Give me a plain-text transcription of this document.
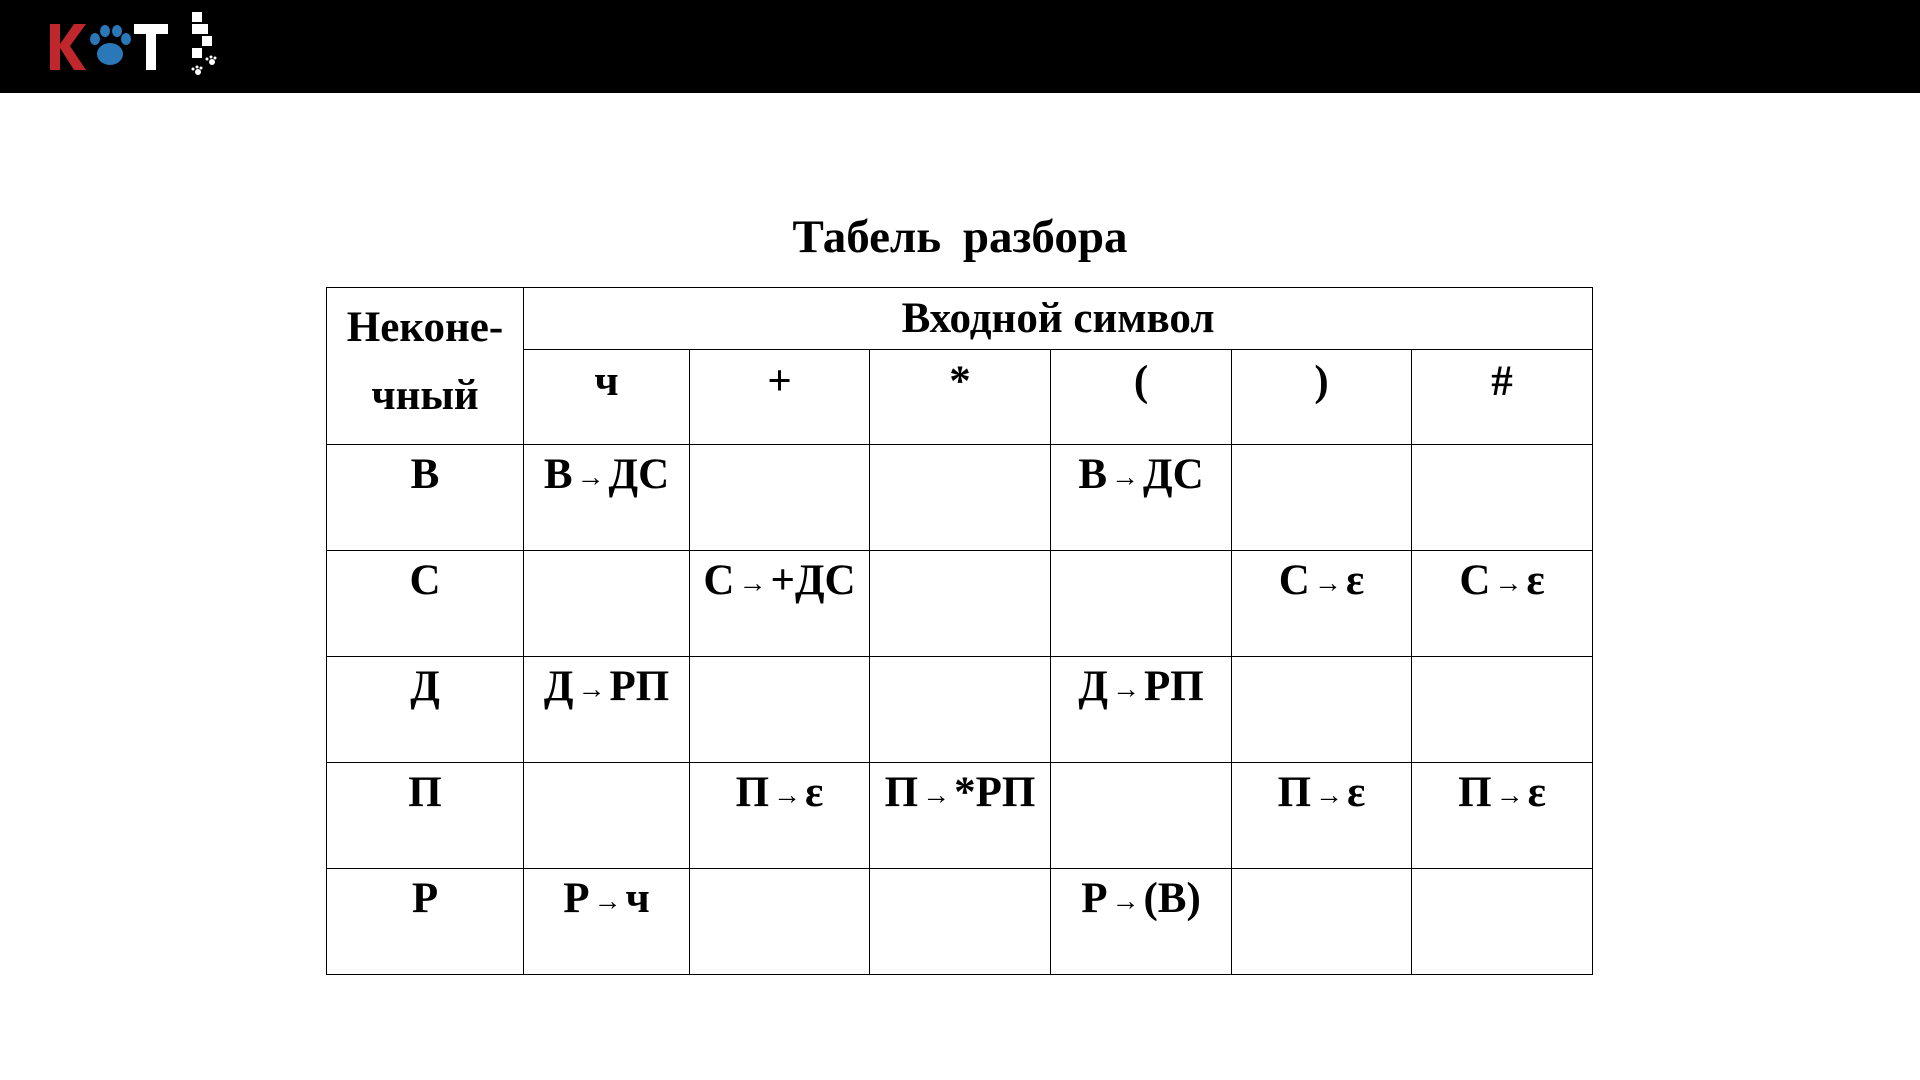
Табель разбора
Неконе-
чный	Входной символ					
	ч	+	*	(	)	#
В	В →ДС			В →ДС		
С		С →+ДС			С →ε	С →ε
Д	Д →РП			Д →РП		
П		П →ε	П →*РП		П →ε	П →ε
Р	Р →ч			Р →(В)		
